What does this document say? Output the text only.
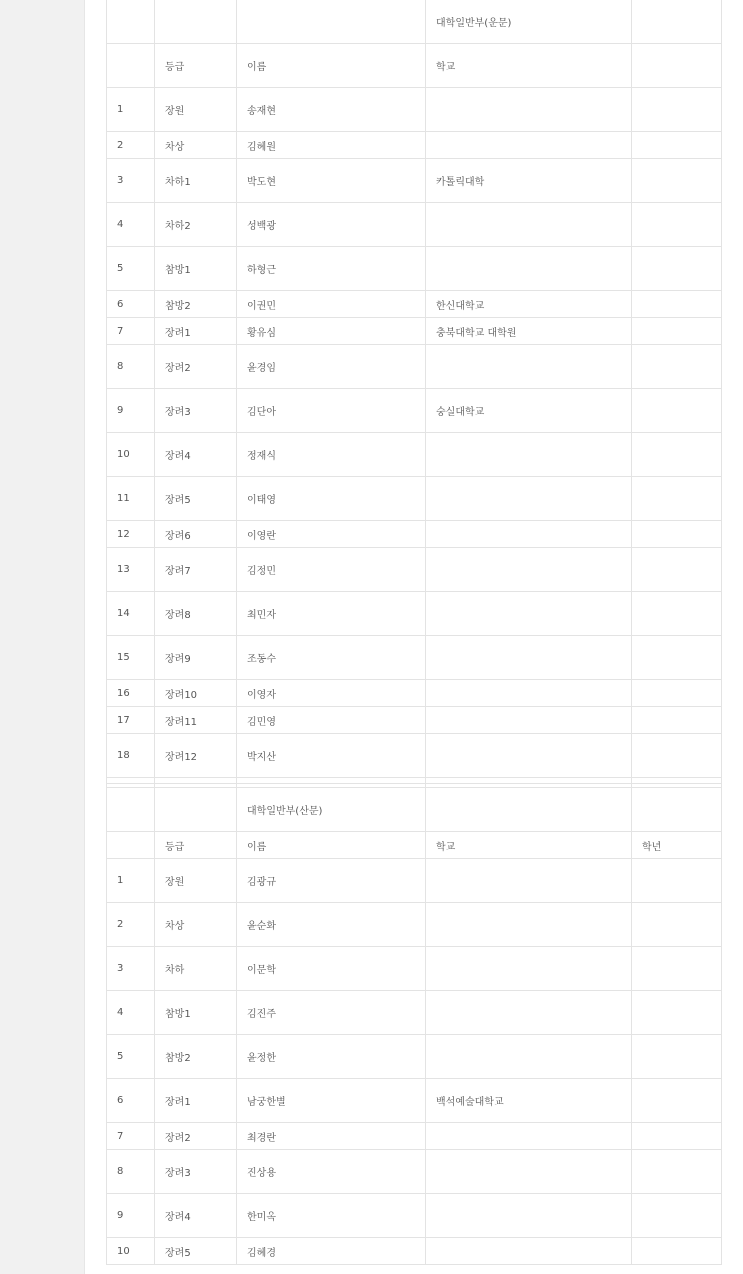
			대학일반부(운문)	
	등급	이름	학교	
1	장원	송재현		
2	차상	김혜원		
3	차하1	박도현	카톨릭대학	
4	차하2	성백광		
5	참방1	하형근		
6	참방2	이권민	한신대학교	
7	장려1	황유심	충북대학교 대학원	
8	장려2	윤경임		
9	장려3	김단아	숭실대학교	
10	장려4	정재식		
11	장려5	이태영		
12	장려6	이영란		
13	장려7	김정민		
14	장려8	최민자		
15	장려9	조동수		
16	장려10	이영자		
17	장려11	김민영		
18	장려12	박지산		

		대학일반부(산문)		
	등급	이름	학교	학년
1	장원	김광규		
2	차상	윤순화		
3	차하	이문학		
4	참방1	김진주		
5	참방2	윤정한		
6	장려1	남궁한별	백석예술대학교	
7	장려2	최경란		
8	장려3	진상용		
9	장려4	한미옥		
10	장려5	김혜경		
